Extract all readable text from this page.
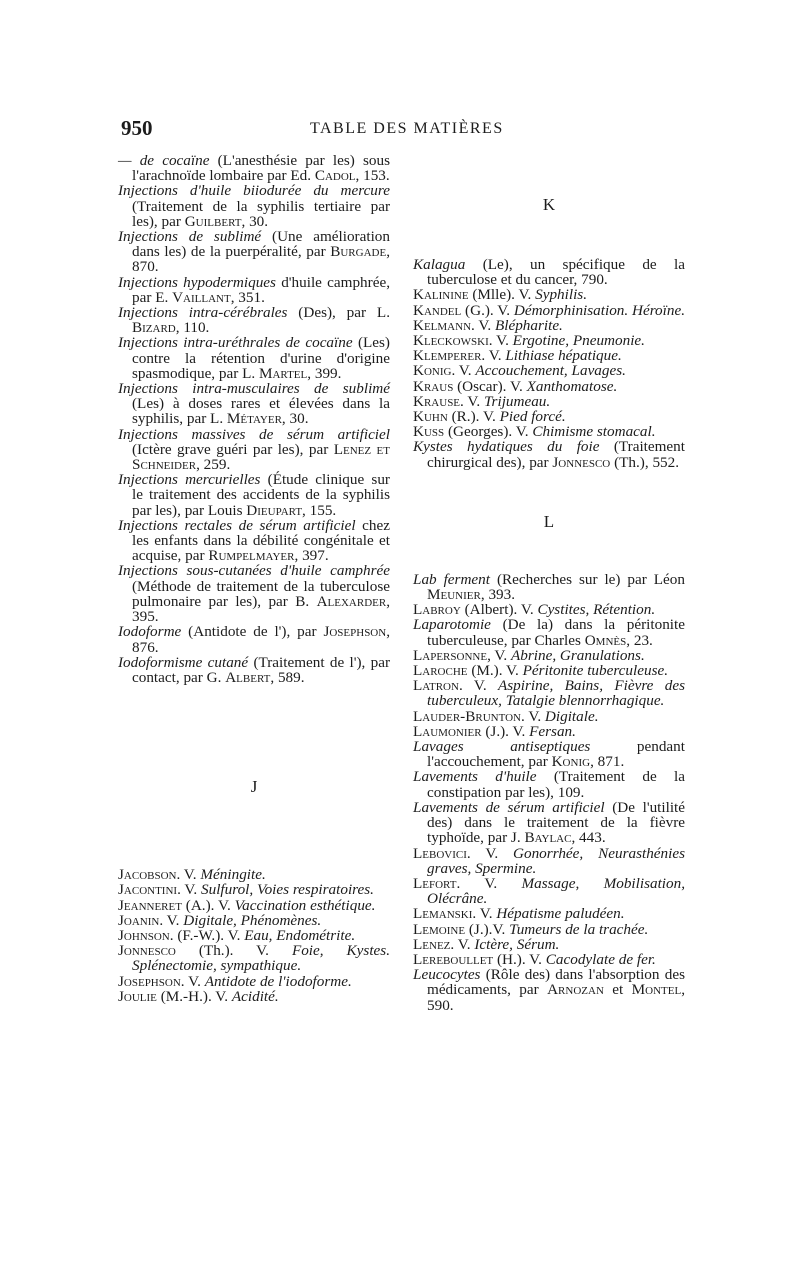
950	TABLE DES MATIÈRES
— de cocaïne (L'anesthésie par les) sous l'arachnoïde lombaire par Ed. Cadol, 153.
Injections d'huile biiodurée du mercure (Traitement de la syphilis tertiaire par les), par Guilbert, 30.
Injections de sublimé (Une amélioration dans les) de la puerpéralité, par Burgade, 870.
Injections hypodermiques d'huile camphrée, par E. Vaillant, 351.
Injections intra-cérébrales (Des), par L. Bizard, 110.
Injections intra-uréthrales de cocaïne (Les) contre la rétention d'urine d'origine spasmodique, par L. Martel, 399.
Injections intra-musculaires de sublimé (Les) à doses rares et élevées dans la syphilis, par L. Métayer, 30.
Injections massives de sérum artificiel (Ictère grave guéri par les), par Lenez et Schneider, 259.
Injections mercurielles (Étude clinique sur le traitement des accidents de la syphilis par les), par Louis Dieupart, 155.
Injections rectales de sérum artificiel chez les enfants dans la débilité congénitale et acquise, par Rumpelmayer, 397.
Injections sous-cutanées d'huile camphrée (Méthode de traitement de la tuberculose pulmonaire par les), par B. Alexarder, 395.
Iodoforme (Antidote de l'), par Josephson, 876.
Iodoformisme cutané (Traitement de l'), par contact, par G. Albert, 589.
J
Jacobson. V. Méningite.
Jacontini. V. Sulfurol, Voies respiratoires.
Jeanneret (A.). V. Vaccination esthétique.
Joanin. V. Digitale, Phénomènes.
Johnson. (F.-W.). V. Eau, Endométrite.
Jonnesco (Th.). V. Foie, Kystes. Splénectomie, sympathique.
Josephson. V. Antidote de l'iodoforme.
Joulie (M.-H.). V. Acidité.
K
Kalagua (Le), un spécifique de la tuberculose et du cancer, 790.
Kalinine (Mlle). V. Syphilis.
Kandel (G.). V. Démorphinisation. Héroïne.
Kelmann. V. Blépharite.
Kleckowski. V. Ergotine, Pneumonie.
Klemperer. V. Lithiase hépatique.
Konig. V. Accouchement, Lavages.
Kraus (Oscar). V. Xanthomatose.
Krause. V. Trijumeau.
Kuhn (R.). V. Pied forcé.
Kuss (Georges). V. Chimisme stomacal.
Kystes hydatiques du foie (Traitement chirurgical des), par Jonnesco (Th.), 552.
L
Lab ferment (Recherches sur le) par Léon Meunier, 393.
Labroy (Albert). V. Cystites, Rétention.
Laparotomie (De la) dans la péritonite tuberculeuse, par Charles Omnès, 23.
Lapersonne, V. Abrine, Granulations.
Laroche (M.). V. Péritonite tuberculeuse.
Latron. V. Aspirine, Bains, Fièvre des tuberculeux, Tatalgie blennorrhagique.
Lauder-Brunton. V. Digitale.
Laumonier (J.). V. Fersan.
Lavages antiseptiques pendant l'accouchement, par Konig, 871.
Lavements d'huile (Traitement de la constipation par les), 109.
Lavements de sérum artificiel (De l'utilité des) dans le traitement de la fièvre typhoïde, par J. Baylac, 443.
Lebovici. V. Gonorrhée, Neurasthénies graves, Spermine.
Lefort. V. Massage, Mobilisation, Olécrâne.
Lemanski. V. Hépatisme paludéen.
Lemoine (J.).V. Tumeurs de la trachée.
Lenez. V. Ictère, Sérum.
Lereboullet (H.). V. Cacodylate de fer.
Leucocytes (Rôle des) dans l'absorption des médicaments, par Arnozan et Montel, 590.
